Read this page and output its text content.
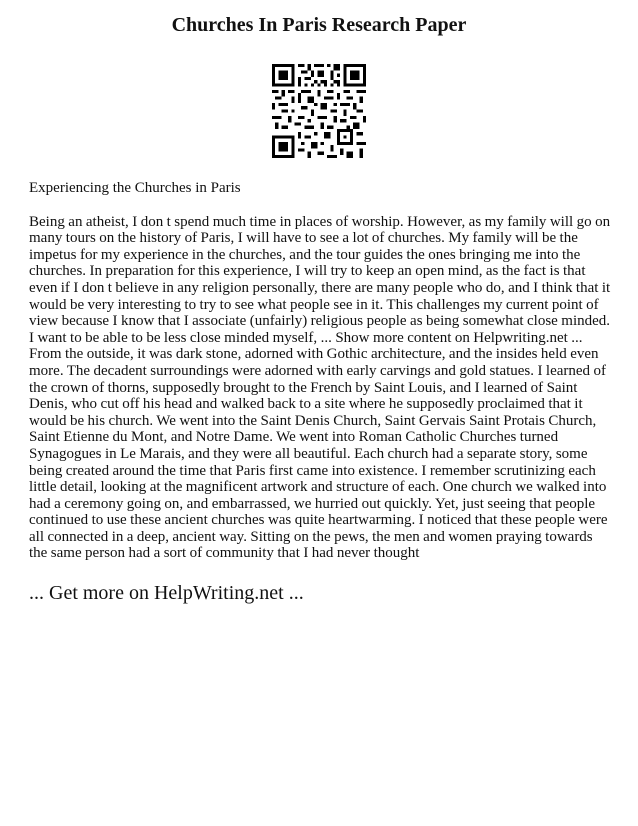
Churches In Paris Research Paper

Experiencing the Churches in Paris

Being an atheist, I don t spend much time in places of worship. However, as my family will go on many tours on the history of Paris, I will have to see a lot of churches. My family will be the impetus for my experience in the churches, and the tour guides the ones bringing me into the churches. In preparation for this experience, I will try to keep an open mind, as the fact is that even if I don t believe in any religion personally, there are many people who do, and I think that it would be very interesting to try to see what people see in it. This challenges my current point of view because I know that I associate (unfairly) religious people as being somewhat close minded. I want to be able to be less close minded myself, ... Show more content on Helpwriting.net ...

From the outside, it was dark stone, adorned with Gothic architecture, and the insides held even more. The decadent surroundings were adorned with early carvings and gold statues. I learned of the crown of thorns, supposedly brought to the French by Saint Louis, and I learned of Saint Denis, who cut off his head and walked back to a site where he supposedly proclaimed that it would be his church. We went into the Saint Denis Church, Saint Gervais Saint Protais Church, Saint Etienne du Mont, and Notre Dame. We went into Roman Catholic Churches turned Synagogues in Le Marais, and they were all beautiful. Each church had a separate story, some being created around the time that Paris first came into existence. I remember scrutinizing each little detail, looking at the magnificent artwork and structure of each. One church we walked into had a ceremony going on, and embarrassed, we hurried out quickly. Yet, just seeing that people continued to use these ancient churches was quite heartwarming. I noticed that these people were all connected in a deep, ancient way. Sitting on the pews, the men and women praying towards the same person had a sort of community that I had never thought

... Get more on HelpWriting.net ...
